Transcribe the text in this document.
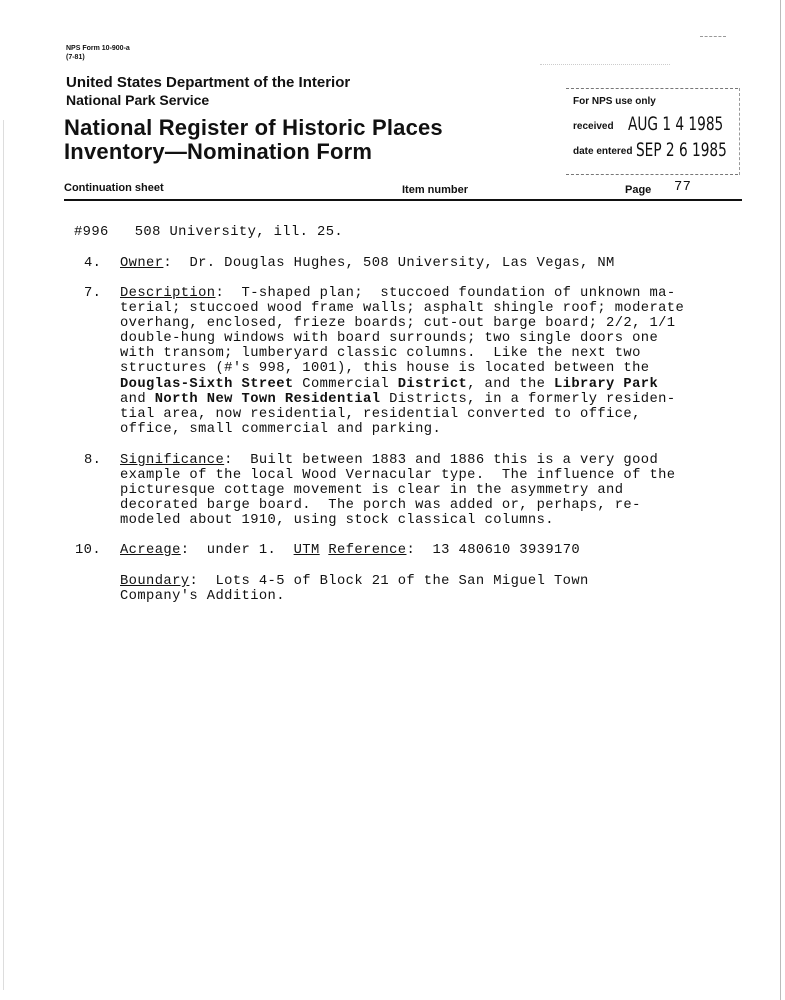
NPS Form 10-900-a
(7-81)
United States Department of the Interior
National Park Service
National Register of Historic Places
Inventory—Nomination Form
For NPS use only
received AUG 1 4 1985
date entered SEP 2 6 1985
Continuation sheet	Item number	Page 77
#996   508 University, ill. 25.
4. Owner:  Dr. Douglas Hughes, 508 University, Las Vegas, NM
7. Description:  T-shaped plan;  stuccoed foundation of unknown ma-
terial; stuccoed wood frame walls; asphalt shingle roof; moderate
overhang, enclosed, frieze boards; cut-out barge board; 2/2, 1/1
double-hung windows with board surrounds; two single doors one
with transom; lumberyard classic columns.  Like the next two
structures (#'s 998, 1001), this house is located between the
Douglas-Sixth Street Commercial District, and the Library Park
and North New Town Residential Districts, in a formerly residen-
tial area, now residential, residential converted to office,
office, small commercial and parking.
8. Significance:  Built between 1883 and 1886 this is a very good
example of the local Wood Vernacular type.  The influence of the
picturesque cottage movement is clear in the asymmetry and
decorated barge board.  The porch was added or, perhaps, re-
modeled about 1910, using stock classical columns.
10. Acreage:  under 1.  UTM Reference:  13 480610 3939170
Boundary:  Lots 4-5 of Block 21 of the San Miguel Town
Company's Addition.
